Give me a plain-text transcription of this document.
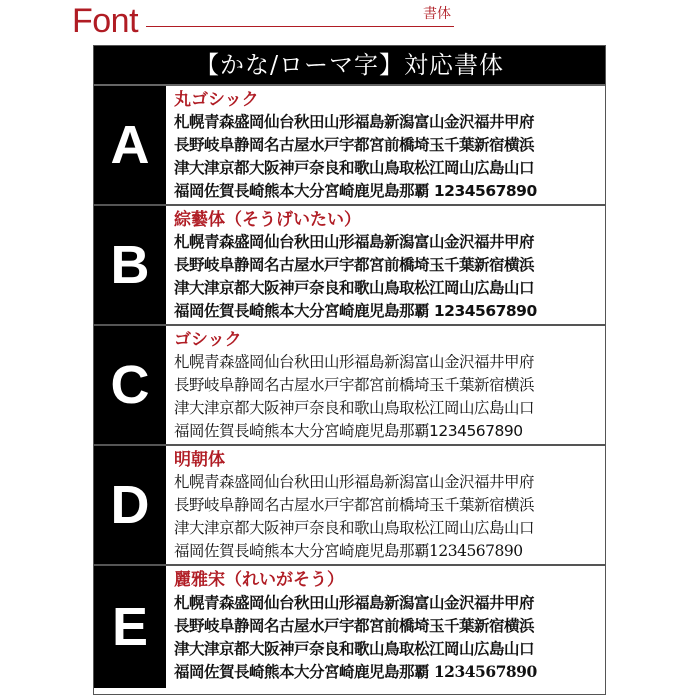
Font	書体
【かな/ローマ字】対応書体
A
丸ゴシック
札幌青森盛岡仙台秋田山形福島新潟富山金沢福井甲府
長野岐阜静岡名古屋水戸宇都宮前橋埼玉千葉新宿横浜
津大津京都大阪神戸奈良和歌山鳥取松江岡山広島山口
福岡佐賀長崎熊本大分宮崎鹿児島那覇 1234567890
B
綜藝体（そうげいたい）
札幌青森盛岡仙台秋田山形福島新潟富山金沢福井甲府
長野岐阜静岡名古屋水戸宇都宮前橋埼玉千葉新宿横浜
津大津京都大阪神戸奈良和歌山鳥取松江岡山広島山口
福岡佐賀長崎熊本大分宮崎鹿児島那覇 1234567890
C
ゴシック
札幌青森盛岡仙台秋田山形福島新潟富山金沢福井甲府
長野岐阜静岡名古屋水戸宇都宮前橋埼玉千葉新宿横浜
津大津京都大阪神戸奈良和歌山鳥取松江岡山広島山口
福岡佐賀長崎熊本大分宮崎鹿児島那覇1234567890
D
明朝体
札幌青森盛岡仙台秋田山形福島新潟富山金沢福井甲府
長野岐阜静岡名古屋水戸宇都宮前橋埼玉千葉新宿横浜
津大津京都大阪神戸奈良和歌山鳥取松江岡山広島山口
福岡佐賀長崎熊本大分宮崎鹿児島那覇1234567890
E
麗雅宋（れいがそう）
札幌青森盛岡仙台秋田山形福島新潟富山金沢福井甲府
長野岐阜静岡名古屋水戸宇都宮前橋埼玉千葉新宿横浜
津大津京都大阪神戸奈良和歌山鳥取松江岡山広島山口
福岡佐賀長崎熊本大分宮崎鹿児島那覇 1234567890
